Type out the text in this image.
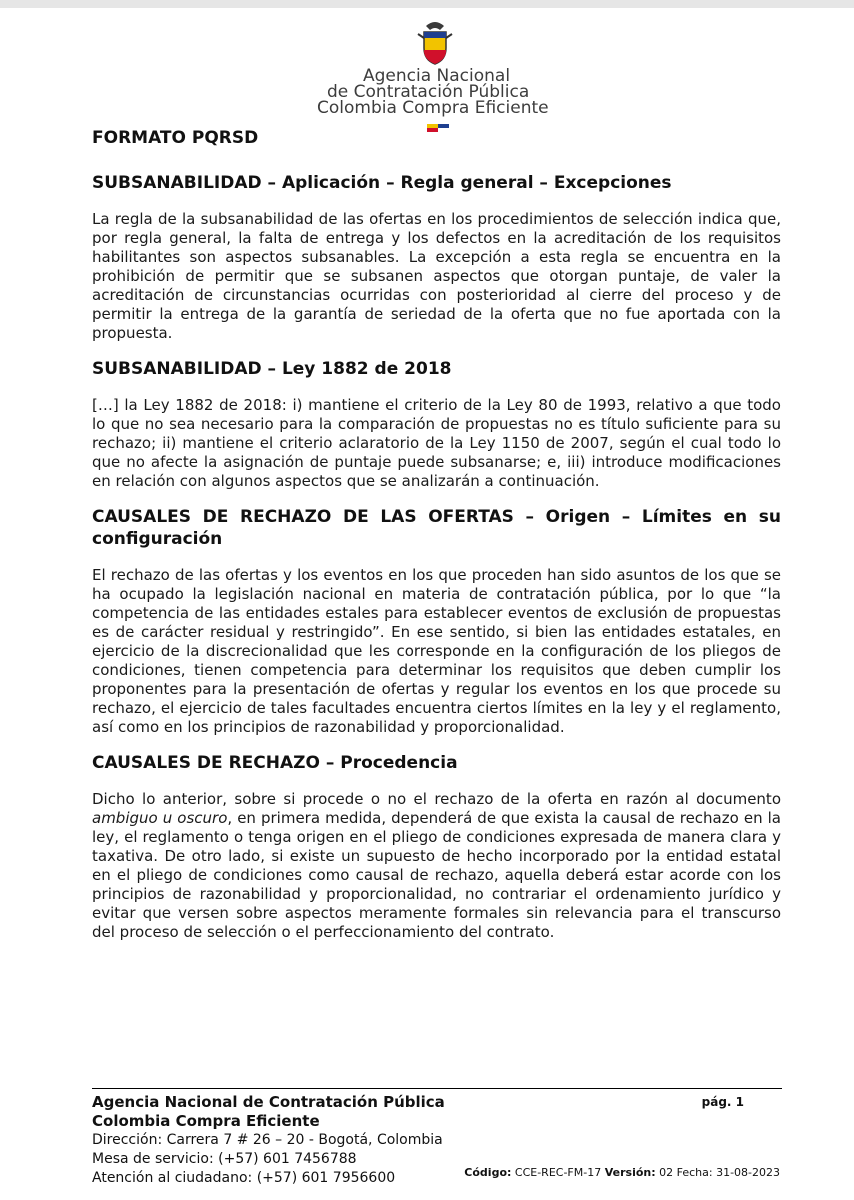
Agencia Nacional
de Contratación Pública
Colombia Compra Eficiente

FORMATO PQRSD

SUBSANABILIDAD – Aplicación – Regla general – Excepciones

La regla de la subsanabilidad de las ofertas en los procedimientos de selección indica que, por regla general, la falta de entrega y los defectos en la acreditación de los requisitos habilitantes son aspectos subsanables. La excepción a esta regla se encuentra en la prohibición de permitir que se subsanen aspectos que otorgan puntaje, de valer la acreditación de circunstancias ocurridas con posterioridad al cierre del proceso y de permitir la entrega de la garantía de seriedad de la oferta que no fue aportada con la propuesta.

SUBSANABILIDAD – Ley 1882 de 2018

[…] la Ley 1882 de 2018: i) mantiene el criterio de la Ley 80 de 1993, relativo a que todo lo que no sea necesario para la comparación de propuestas no es título suficiente para su rechazo; ii) mantiene el criterio aclaratorio de la Ley 1150 de 2007, según el cual todo lo que no afecte la asignación de puntaje puede subsanarse; e, iii) introduce modificaciones en relación con algunos aspectos que se analizarán a continuación.

CAUSALES DE RECHAZO DE LAS OFERTAS – Origen – Límites en su configuración

El rechazo de las ofertas y los eventos en los que proceden han sido asuntos de los que se ha ocupado la legislación nacional en materia de contratación pública, por lo que “la competencia de las entidades estales para establecer eventos de exclusión de propuestas es de carácter residual y restringido”. En ese sentido, si bien las entidades estatales, en ejercicio de la discrecionalidad que les corresponde en la configuración de los pliegos de condiciones, tienen competencia para determinar los requisitos que deben cumplir los proponentes para la presentación de ofertas y regular los eventos en los que procede su rechazo, el ejercicio de tales facultades encuentra ciertos límites en la ley y el reglamento, así como en los principios de razonabilidad y proporcionalidad.

CAUSALES DE RECHAZO – Procedencia

Dicho lo anterior, sobre si procede o no el rechazo de la oferta en razón al documento ambiguo u oscuro, en primera medida, dependerá de que exista la causal de rechazo en la ley, el reglamento o tenga origen en el pliego de condiciones expresada de manera clara y taxativa. De otro lado, si existe un supuesto de hecho incorporado por la entidad estatal en el pliego de condiciones como causal de rechazo, aquella deberá estar acorde con los principios de razonabilidad y proporcionalidad, no contrariar el ordenamiento jurídico y evitar que versen sobre aspectos meramente formales sin relevancia para el transcurso del proceso de selección o el perfeccionamiento del contrato.

Agencia Nacional de Contratación Pública
Colombia Compra Eficiente
Dirección: Carrera 7 # 26 – 20 - Bogotá, Colombia
Mesa de servicio: (+57) 601 7456788
Atención al ciudadano: (+57) 601 7956600
pág. 1
Código: CCE-REC-FM-17 Versión: 02 Fecha: 31-08-2023
